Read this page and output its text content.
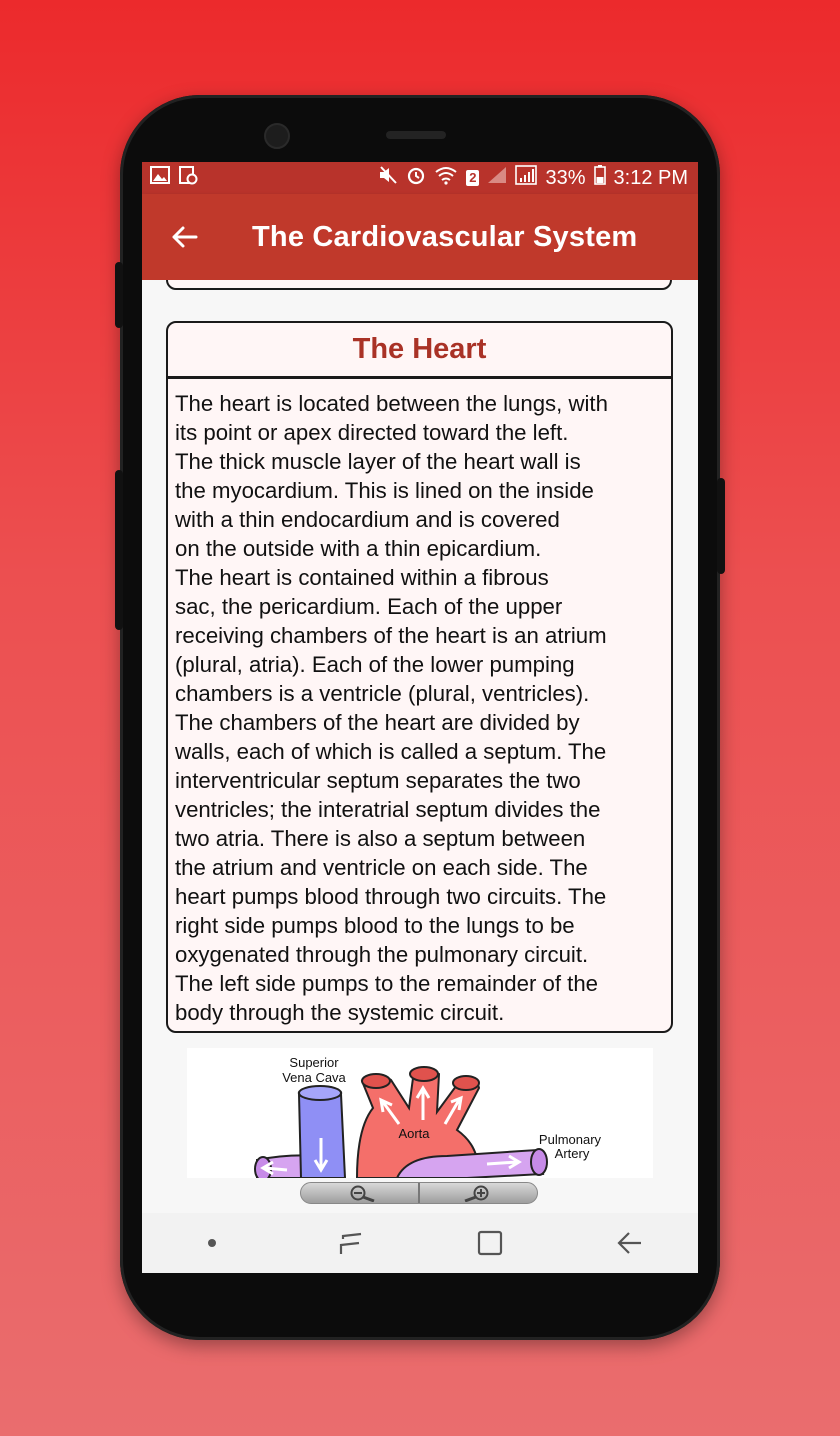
2	33% 3:12 PM
The Cardiovascular System
The Heart
The heart is located between the lungs, with
its point or apex directed toward the left.
The thick muscle layer of the heart wall is
the myocardium. This is lined on the inside
with a thin endocardium and is covered
on the outside with a thin epicardium.
The heart is contained within a fibrous
sac, the pericardium. Each of the upper
receiving chambers of the heart is an atrium
(plural, atria). Each of the lower pumping
chambers is a ventricle (plural, ventricles).
The chambers of the heart are divided by
walls, each of which is called a septum. The
interventricular septum separates the two
ventricles; the interatrial septum divides the
two atria. There is also a septum between
the atrium and ventricle on each side. The
heart pumps blood through two circuits. The
right side pumps blood to the lungs to be
oxygenated through the pulmonary circuit.
The left side pumps to the remainder of the
body through the systemic circuit.
Superior
Vena Cava
Aorta	Pulmonary
Artery
